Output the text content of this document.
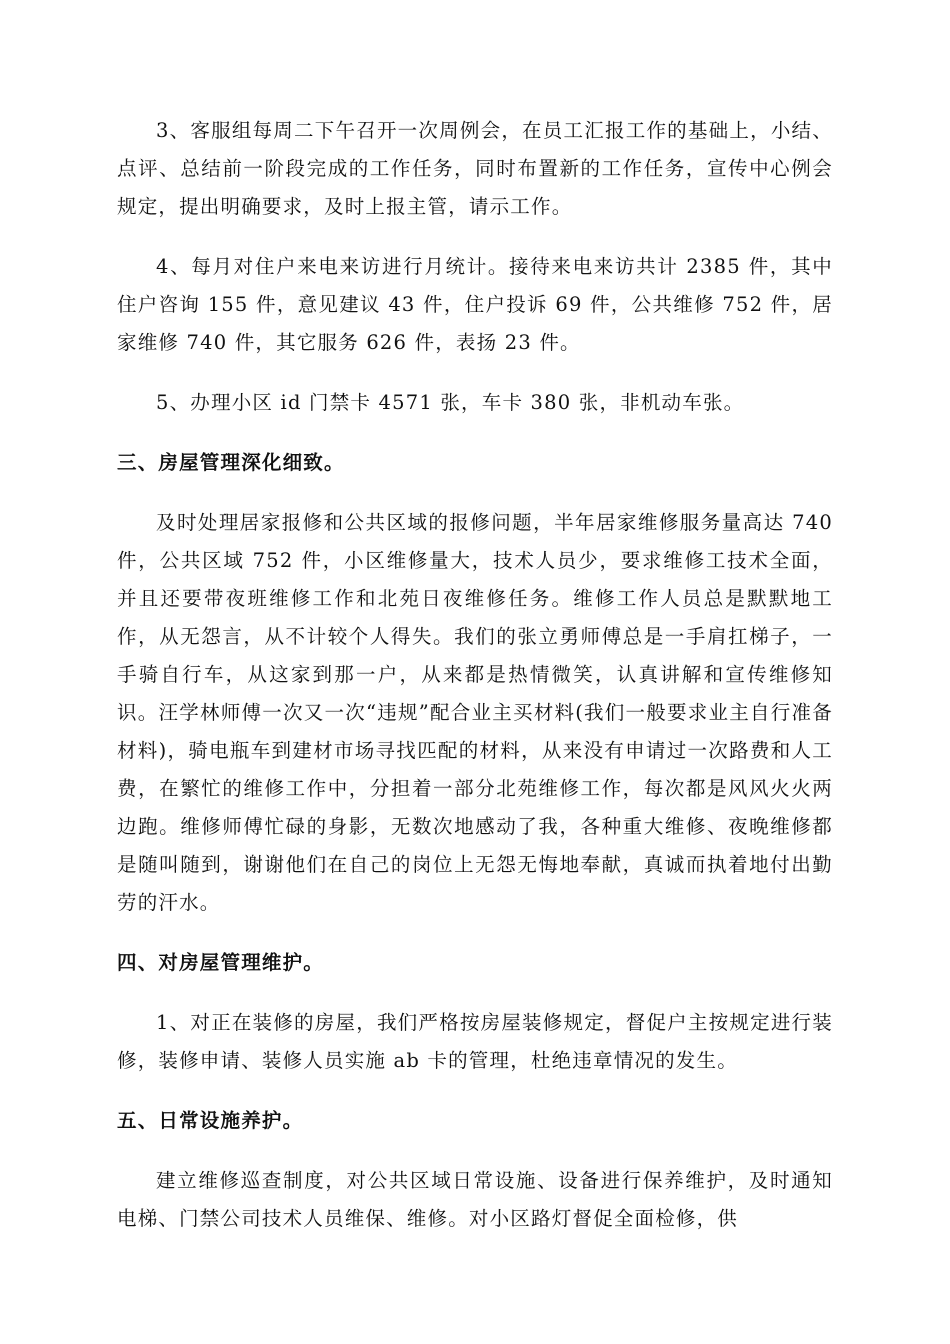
3、客服组每周二下午召开一次周例会，在员工汇报工作的基础上，小结、点评、总结前一阶段完成的工作任务，同时布置新的工作任务，宣传中心例会规定，提出明确要求，及时上报主管，请示工作。

4、每月对住户来电来访进行月统计。接待来电来访共计 2385 件，其中住户咨询 155 件，意见建议 43 件，住户投诉 69 件，公共维修 752 件，居家维修 740 件，其它服务 626 件，表扬 23 件。

5、办理小区 id 门禁卡 4571 张，车卡 380 张，非机动车张。

三、房屋管理深化细致。

及时处理居家报修和公共区域的报修问题，半年居家维修服务量高达 740 件，公共区域 752 件，小区维修量大，技术人员少，要求维修工技术全面，并且还要带夜班维修工作和北苑日夜维修任务。维修工作人员总是默默地工作，从无怨言，从不计较个人得失。我们的张立勇师傅总是一手肩扛梯子，一手骑自行车，从这家到那一户，从来都是热情微笑，认真讲解和宣传维修知识。汪学林师傅一次又一次“违规”配合业主买材料(我们一般要求业主自行准备材料)，骑电瓶车到建材市场寻找匹配的材料，从来没有申请过一次路费和人工费，在繁忙的维修工作中，分担着一部分北苑维修工作，每次都是风风火火两边跑。维修师傅忙碌的身影，无数次地感动了我，各种重大维修、夜晚维修都是随叫随到，谢谢他们在自己的岗位上无怨无悔地奉献，真诚而执着地付出勤劳的汗水。

四、对房屋管理维护。

1、对正在装修的房屋，我们严格按房屋装修规定，督促户主按规定进行装修，装修申请、装修人员实施 ab 卡的管理，杜绝违章情况的发生。

五、日常设施养护。

建立维修巡查制度，对公共区域日常设施、设备进行保养维护，及时通知电梯、门禁公司技术人员维保、维修。对小区路灯督促全面检修，供
